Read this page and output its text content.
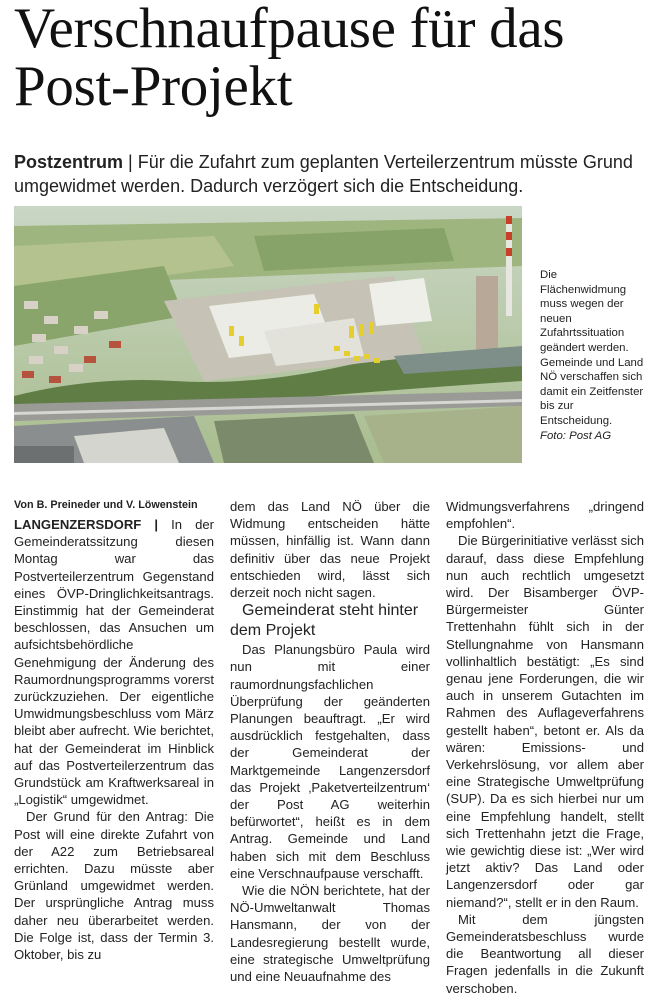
Verschnaufpause für das Post-Projekt
Postzentrum | Für die Zufahrt zum geplanten Verteilerzentrum müsste Grund umgewidmet werden. Dadurch verzögert sich die Entscheidung.
Die Flächenwidmung muss wegen der neuen Zufahrtssituation geändert werden. Gemeinde und Land NÖ verschaffen sich damit ein Zeitfenster bis zur Entscheidung.
Foto: Post AG
Von B. Preineder und V. Löwenstein

LANGENZERSDORF | In der Gemeinderatssitzung diesen Montag war das Postverteilerzentrum Gegenstand eines ÖVP-Dringlichkeitsantrags. Einstimmig hat der Gemeinderat beschlossen, das Ansuchen um aufsichtsbehördliche Genehmigung der Änderung des Raumordnungsprogramms vorerst zurückzuziehen. Der eigentliche Umwidmungsbeschluss vom März bleibt aber aufrecht. Wie berichtet, hat der Gemeinderat im Hinblick auf das Postverteilerzentrum das Grundstück am Kraftwerksareal in „Logistik“ umgewidmet.

Der Grund für den Antrag: Die Post will eine direkte Zufahrt von der A22 zum Betriebsareal errichten. Dazu müsste aber Grünland umgewidmet werden. Der ursprüngliche Antrag muss daher neu überarbeitet werden. Die Folge ist, dass der Termin 3. Oktober, bis zu

dem das Land NÖ über die Widmung entscheiden hätte müssen, hinfällig ist. Wann dann definitiv über das neue Projekt entschieden wird, lässt sich derzeit noch nicht sagen.

Gemeinderat steht hinter dem Projekt

Das Planungsbüro Paula wird nun mit einer raumordnungsfachlichen Überprüfung der geänderten Planungen beauftragt. „Er wird ausdrücklich festgehalten, dass der Gemeinderat der Marktgemeinde Langenzersdorf das Projekt ‚Paketverteilzentrum‘ der Post AG weiterhin befürwortet“, heißt es in dem Antrag. Gemeinde und Land haben sich mit dem Beschluss eine Verschnaufpause verschafft.

Wie die NÖN berichtete, hat der NÖ-Umweltanwalt Thomas Hansmann, der von der Landesregierung bestellt wurde, eine strategische Umweltprüfung und eine Neuaufnahme des

Widmungsverfahrens „dringend empfohlen“.

Die Bürgerinitiative verlässt sich darauf, dass diese Empfehlung nun auch rechtlich umgesetzt wird. Der Bisamberger ÖVP-Bürgermeister Günter Trettenhahn fühlt sich in der Stellungnahme von Hansmann vollinhaltlich bestätigt: „Es sind genau jene Forderungen, die wir auch in unserem Gutachten im Rahmen des Auflageverfahrens gestellt haben“, betont er. Als da wären: Emissions- und Verkehrslösung, vor allem aber eine Strategische Umweltprüfung (SUP). Da es sich hierbei nur um eine Empfehlung handelt, stellt sich Trettenhahn jetzt die Frage, wie gewichtig diese ist: „Wer wird jetzt aktiv? Das Land oder Langenzersdorf oder gar niemand?“, stellt er in den Raum.

Mit dem jüngsten Gemeinderatsbeschluss wurde die Beantwortung all dieser Fragen jedenfalls in die Zukunft verschoben.
